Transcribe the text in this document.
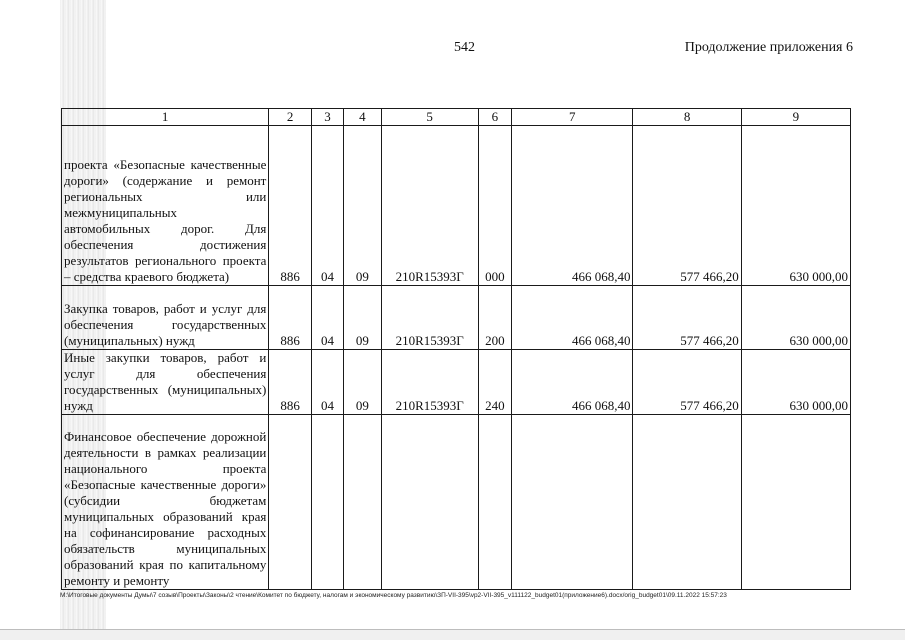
542	Продолжение приложения 6
1	2	3	4	5	6	7	8	9
проекта «Безопасные качественные дороги» (содержание и ремонт региональных или межмуниципальных автомобильных дорог. Для обеспечения достижения результатов регионального проекта – средства краевого бюджета)	886	04	09	210R15393Г	000	466 068,40	577 466,20	630 000,00
Закупка товаров, работ и услуг для обеспечения государственных (муниципальных) нужд	886	04	09	210R15393Г	200	466 068,40	577 466,20	630 000,00
Иные закупки товаров, работ и услуг для обеспечения государственных (муниципальных) нужд	886	04	09	210R15393Г	240	466 068,40	577 466,20	630 000,00
Финансовое обеспечение дорожной деятельности в рамках реализации национального проекта «Безопасные качественные дороги» (субсидии бюджетам муниципальных образований края на софинансирование расходных обязательств муниципальных образований края по капитальному ремонту и ремонту								
M:\Итоговые документы Думы\7 созыв\Проекты\Законы\2 чтение\Комитет по бюджету, налогам и экономическому развитию\ЗП-VII-395\vp2-VII-395_v111122_budget01(приложение6).docx/orig_budget01\09.11.2022 15:57:23
